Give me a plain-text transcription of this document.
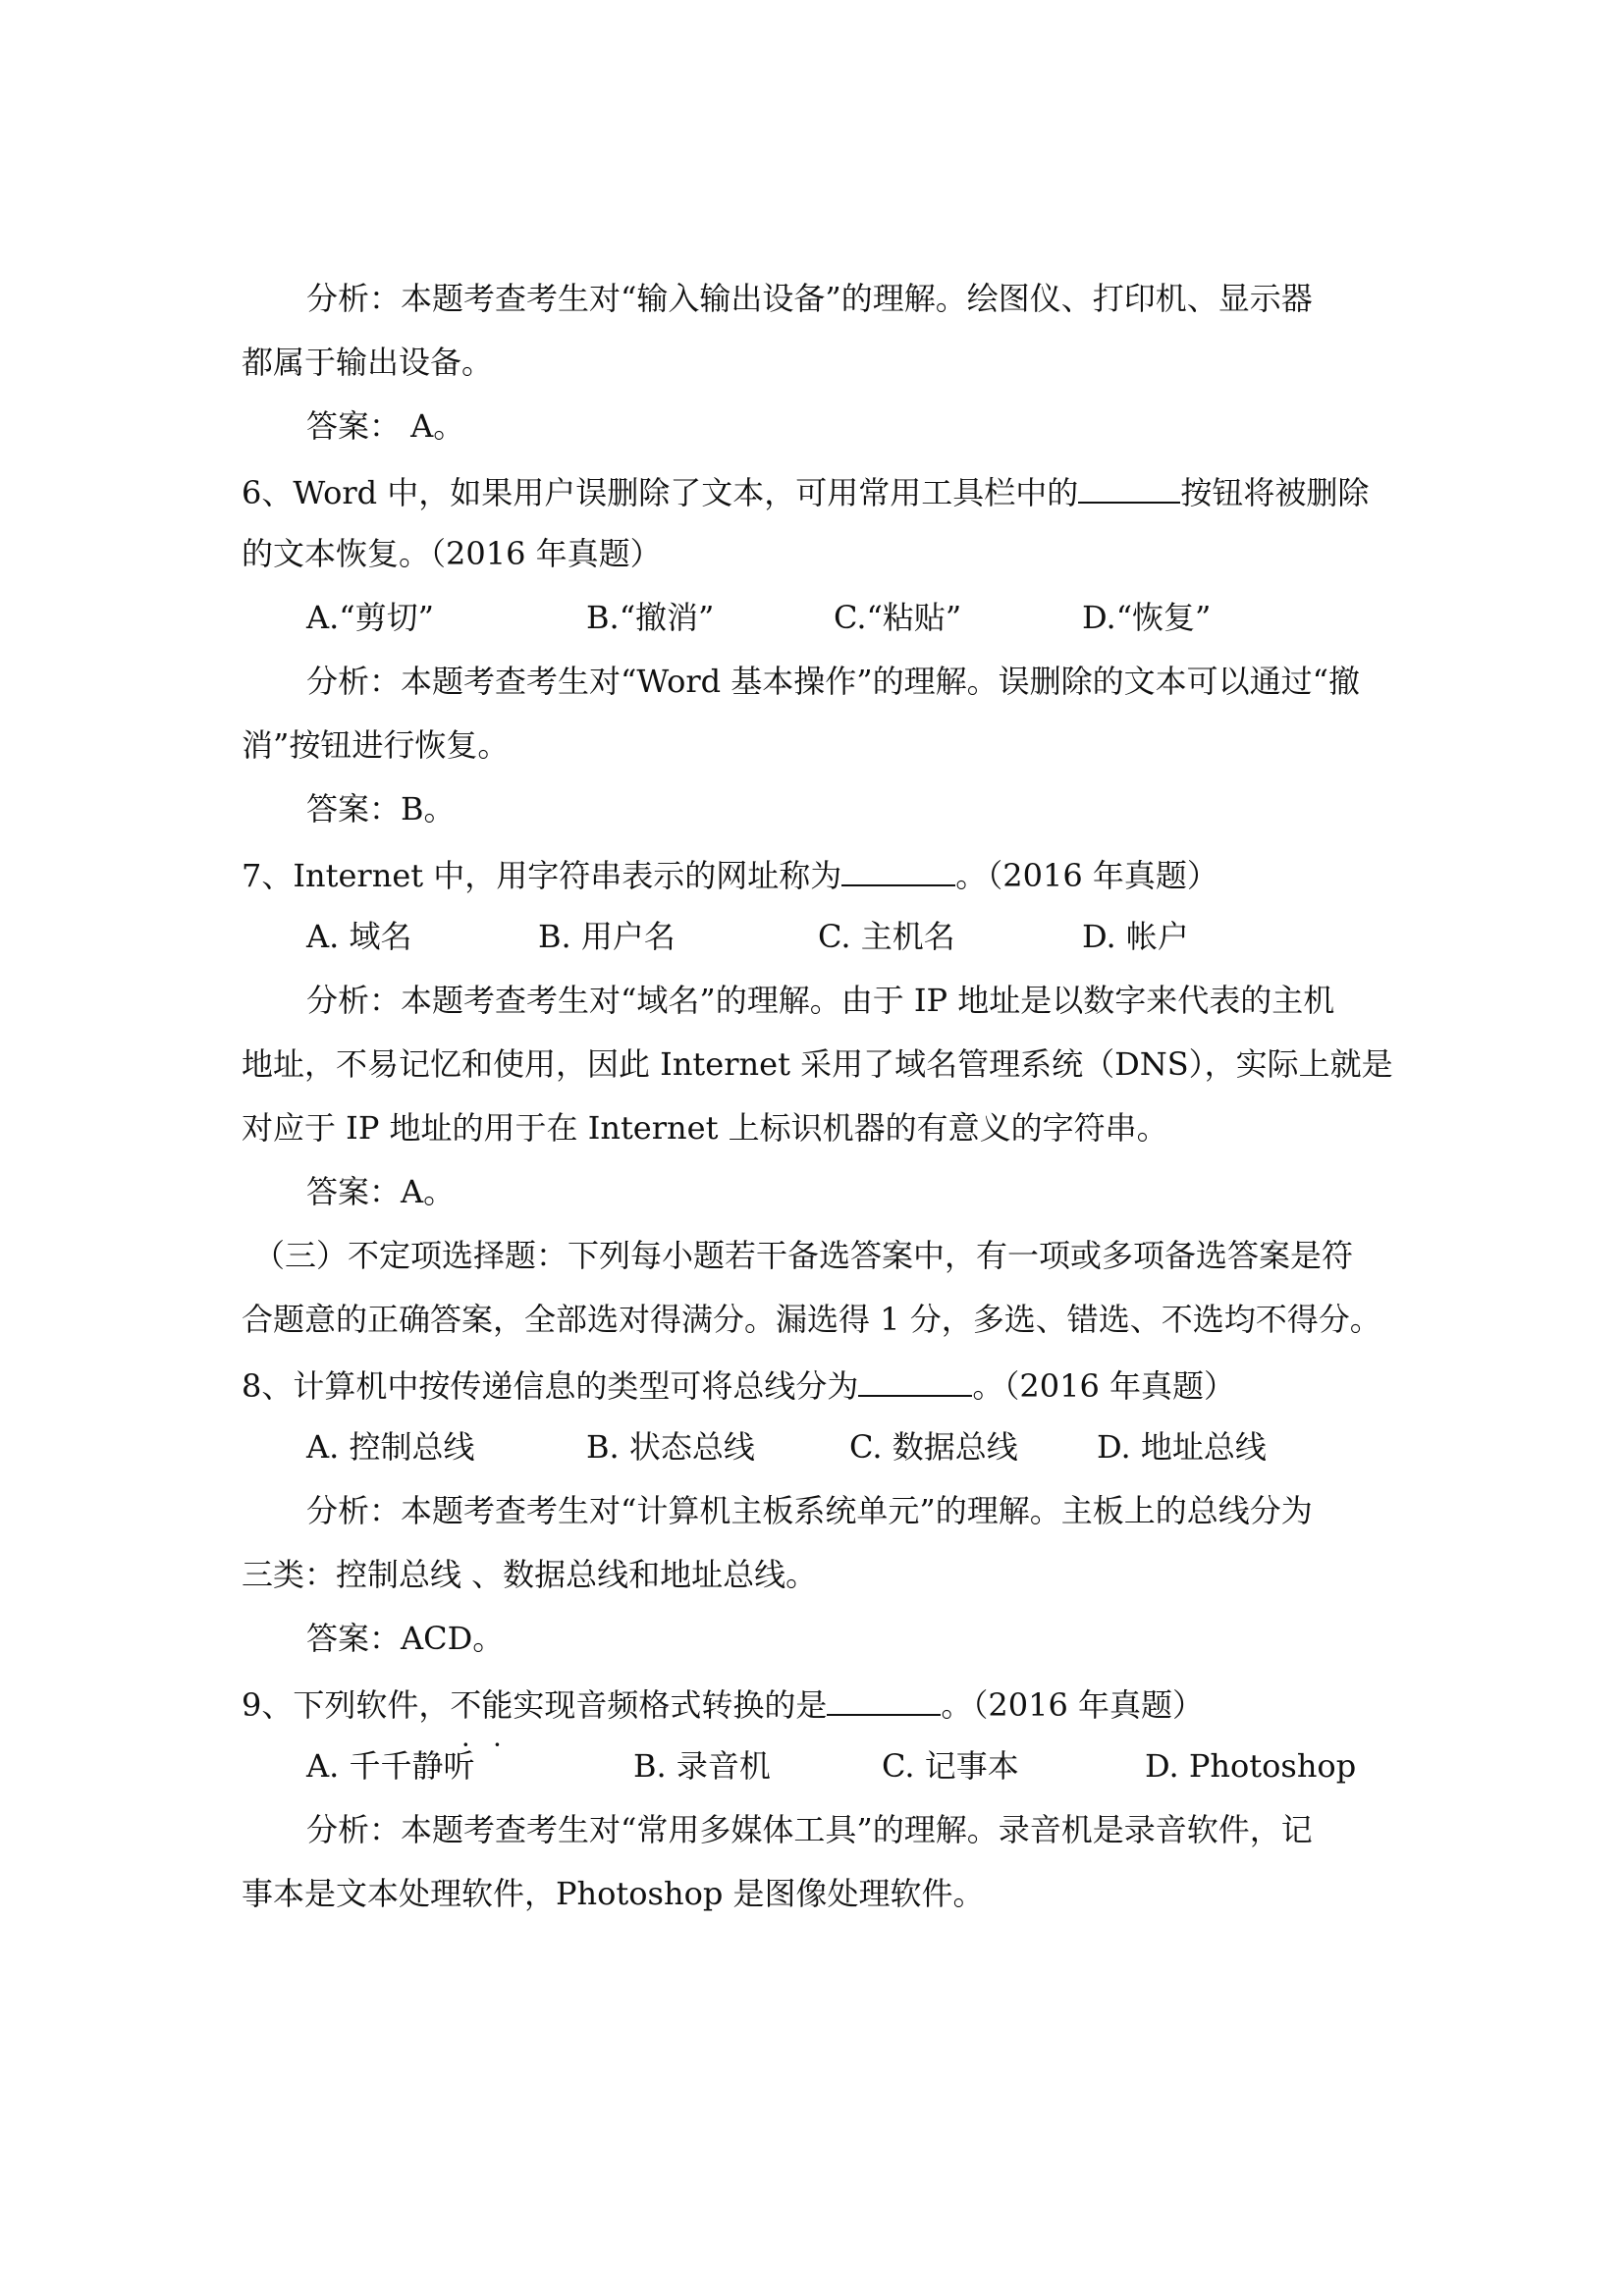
分析：本题考查考生对“输入输出设备”的理解。绘图仪、打印机、显示器
都属于输出设备。
答案： A。
6、Word 中，如果用户误删除了文本，可用常用工具栏中的	按钮将被删除
的文本恢复。（2016 年真题）
A.“剪切”	B.“撤消”	C.“粘贴”	D.“恢复”
分析：本题考查考生对“Word 基本操作”的理解。误删除的文本可以通过“撤
消”按钮进行恢复。
答案：B。
7、Internet 中，用字符串表示的网址称为	。（2016 年真题）
A. 域名	B. 用户名	C. 主机名	D. 帐户
分析：本题考查考生对“域名”的理解。由于 IP 地址是以数字来代表的主机
地址，不易记忆和使用，因此 Internet 采用了域名管理系统（DNS），实际上就是
对应于 IP 地址的用于在 Internet 上标识机器的有意义的字符串。
答案：A。
（三）不定项选择题：下列每小题若干备选答案中，有一项或多项备选答案是符
合题意的正确答案，全部选对得满分。漏选得 1 分，多选、错选、不选均不得分。
8、计算机中按传递信息的类型可将总线分为	。（2016 年真题）
A. 控制总线	B. 状态总线	C. 数据总线	D. 地址总线
分析：本题考查考生对“计算机主板系统单元”的理解。主板上的总线分为
三类：控制总线 、数据总线和地址总线。
答案：ACD。
9、下列软件，不能实现音频格式转换的是	。（2016 年真题）
A. 千千静听	B. 录音机	C. 记事本	D. Photoshop
分析：本题考查考生对“常用多媒体工具”的理解。录音机是录音软件，记
事本是文本处理软件，Photoshop 是图像处理软件。
